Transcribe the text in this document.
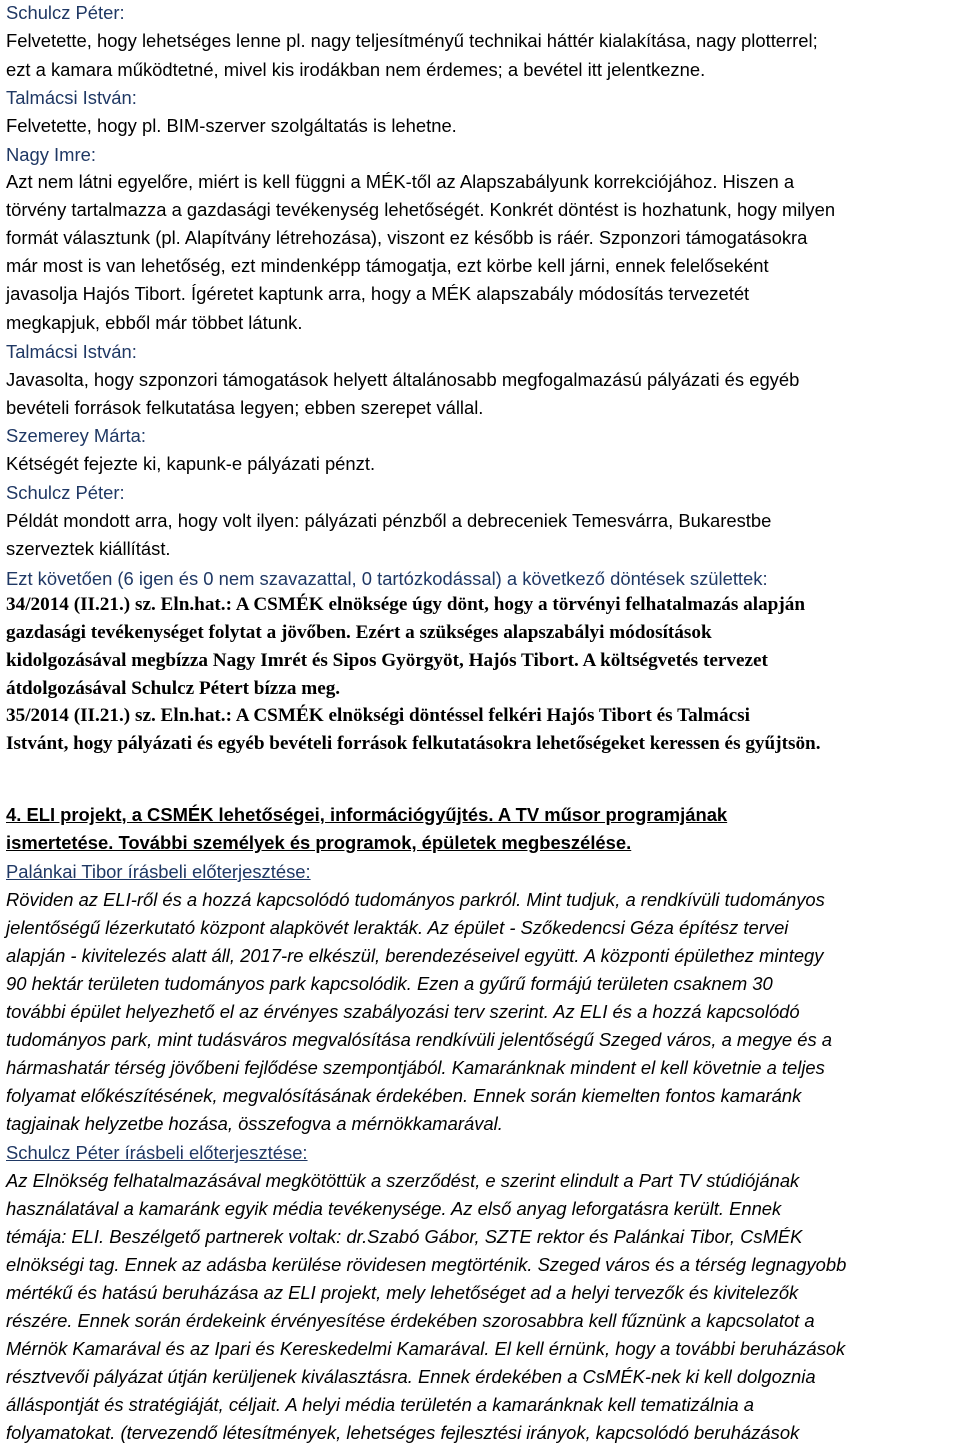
Schulcz Péter:
Felvetette, hogy lehetséges lenne pl. nagy teljesítményű technikai háttér kialakítása, nagy plotterrel;
ezt a kamara működtetné, mivel kis irodákban nem érdemes; a bevétel itt jelentkezne.
Talmácsi István:
Felvetette, hogy pl. BIM-szerver szolgáltatás is lehetne.
Nagy Imre:
Azt nem látni egyelőre, miért is kell függni a MÉK-től az Alapszabályunk korrekciójához. Hiszen a
törvény tartalmazza a gazdasági tevékenység lehetőségét. Konkrét döntést is hozhatunk, hogy milyen
formát választunk (pl. Alapítvány létrehozása), viszont ez később is ráér. Szponzori támogatásokra
már most is van lehetőség, ezt mindenképp támogatja, ezt körbe kell járni, ennek felelőseként
javasolja Hajós Tibort. Ígéretet kaptunk arra, hogy a MÉK alapszabály módosítás tervezetét
megkapjuk, ebből már többet látunk.
Talmácsi István:
Javasolta, hogy szponzori támogatások helyett általánosabb megfogalmazású pályázati és egyéb
bevételi források felkutatása legyen; ebben szerepet vállal.
Szemerey Márta:
Kétségét fejezte ki, kapunk-e pályázati pénzt.
Schulcz Péter:
Példát mondott arra, hogy volt ilyen: pályázati pénzből a debreceniek Temesvárra, Bukarestbe
szerveztek kiállítást.
Ezt követően (6 igen és 0 nem szavazattal, 0 tartózkodással) a következő döntések születtek:
34/2014 (II.21.) sz. Eln.hat.: A CSMÉK elnöksége úgy dönt, hogy a törvényi felhatalmazás alapján
gazdasági tevékenységet folytat a jövőben. Ezért a szükséges alapszabályi módosítások
kidolgozásával megbízza Nagy Imrét és Sipos Györgyöt, Hajós Tibort. A költségvetés tervezet
átdolgozásával Schulcz Pétert bízza meg.
35/2014 (II.21.) sz. Eln.hat.: A CSMÉK elnökségi döntéssel felkéri Hajós Tibort és Talmácsi
Istvánt, hogy pályázati és egyéb bevételi források felkutatásokra lehetőségeket keressen és gyűjtsön.
4. ELI projekt, a CSMÉK lehetőségei, információgyűjtés. A TV műsor programjának
ismertetése. További személyek és programok, épületek megbeszélése.
Palánkai Tibor írásbeli előterjesztése:
Röviden az ELI-ről és a hozzá kapcsolódó tudományos parkról. Mint tudjuk, a rendkívüli tudományos
jelentőségű lézerkutató központ alapkövét lerakták. Az épület - Szőkedencsi Géza építész tervei
alapján - kivitelezés alatt áll, 2017-re elkészül, berendezéseivel együtt. A központi épülethez mintegy
90 hektár területen tudományos park kapcsolódik. Ezen a gyűrű formájú területen csaknem 30
további épület helyezhető el az érvényes szabályozási terv szerint. Az ELI és a hozzá kapcsolódó
tudományos park, mint tudásváros megvalósítása rendkívüli jelentőségű Szeged város, a megye és a
hármashatár térség jövőbeni fejlődése szempontjából. Kamaránknak mindent el kell követnie a teljes
folyamat előkészítésének, megvalósításának érdekében. Ennek során kiemelten fontos kamaránk
tagjainak helyzetbe hozása, összefogva a mérnökkamarával.
Schulcz Péter írásbeli előterjesztése:
Az Elnökség felhatalmazásával megkötöttük a szerződést, e szerint elindult a Part TV stúdiójának
használatával a kamaránk egyik média tevékenysége. Az első anyag leforgatásra került. Ennek
témája: ELI. Beszélgető partnerek voltak: dr.Szabó Gábor, SZTE rektor és Palánkai Tibor, CsMÉK
elnökségi tag. Ennek az adásba kerülése rövidesen megtörténik. Szeged város és a térség legnagyobb
mértékű és hatású beruházása az ELI projekt, mely lehetőséget ad a helyi tervezők és kivitelezők
részére. Ennek során érdekeink érvényesítése érdekében szorosabbra kell fűznünk a kapcsolatot a
Mérnök Kamarával és az Ipari és Kereskedelmi Kamarával. El kell érnünk, hogy a további beruházások
résztvevői pályázat útján kerüljenek kiválasztásra. Ennek érdekében a CsMÉK-nek ki kell dolgoznia
álláspontját és stratégiáját, céljait. A helyi média területén a kamaránknak kell tematizálnia a
folyamatokat. (tervezendő létesítmények, lehetséges fejlesztési irányok, kapcsolódó beruházások
